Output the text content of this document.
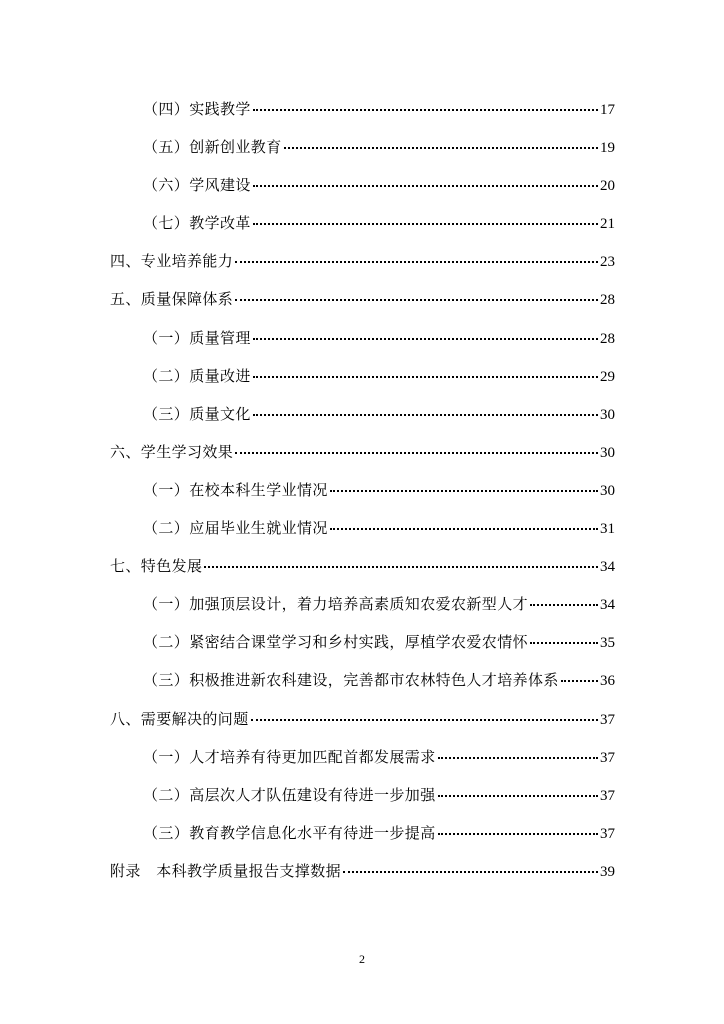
（四）实践教学	17
（五）创新创业教育	19
（六）学风建设	20
（七）教学改革	21
四、专业培养能力	23
五、质量保障体系	28
（一）质量管理	28
（二）质量改进	29
（三）质量文化	30
六、学生学习效果	30
（一）在校本科生学业情况	30
（二）应届毕业生就业情况	31
七、特色发展	34
（一）加强顶层设计，着力培养高素质知农爱农新型人才	34
（二）紧密结合课堂学习和乡村实践，厚植学农爱农情怀	35
（三）积极推进新农科建设，完善都市农林特色人才培养体系	36
八、需要解决的问题	37
（一）人才培养有待更加匹配首都发展需求	37
（二）高层次人才队伍建设有待进一步加强	37
（三）教育教学信息化水平有待进一步提高	37
附录　本科教学质量报告支撑数据	39
2
